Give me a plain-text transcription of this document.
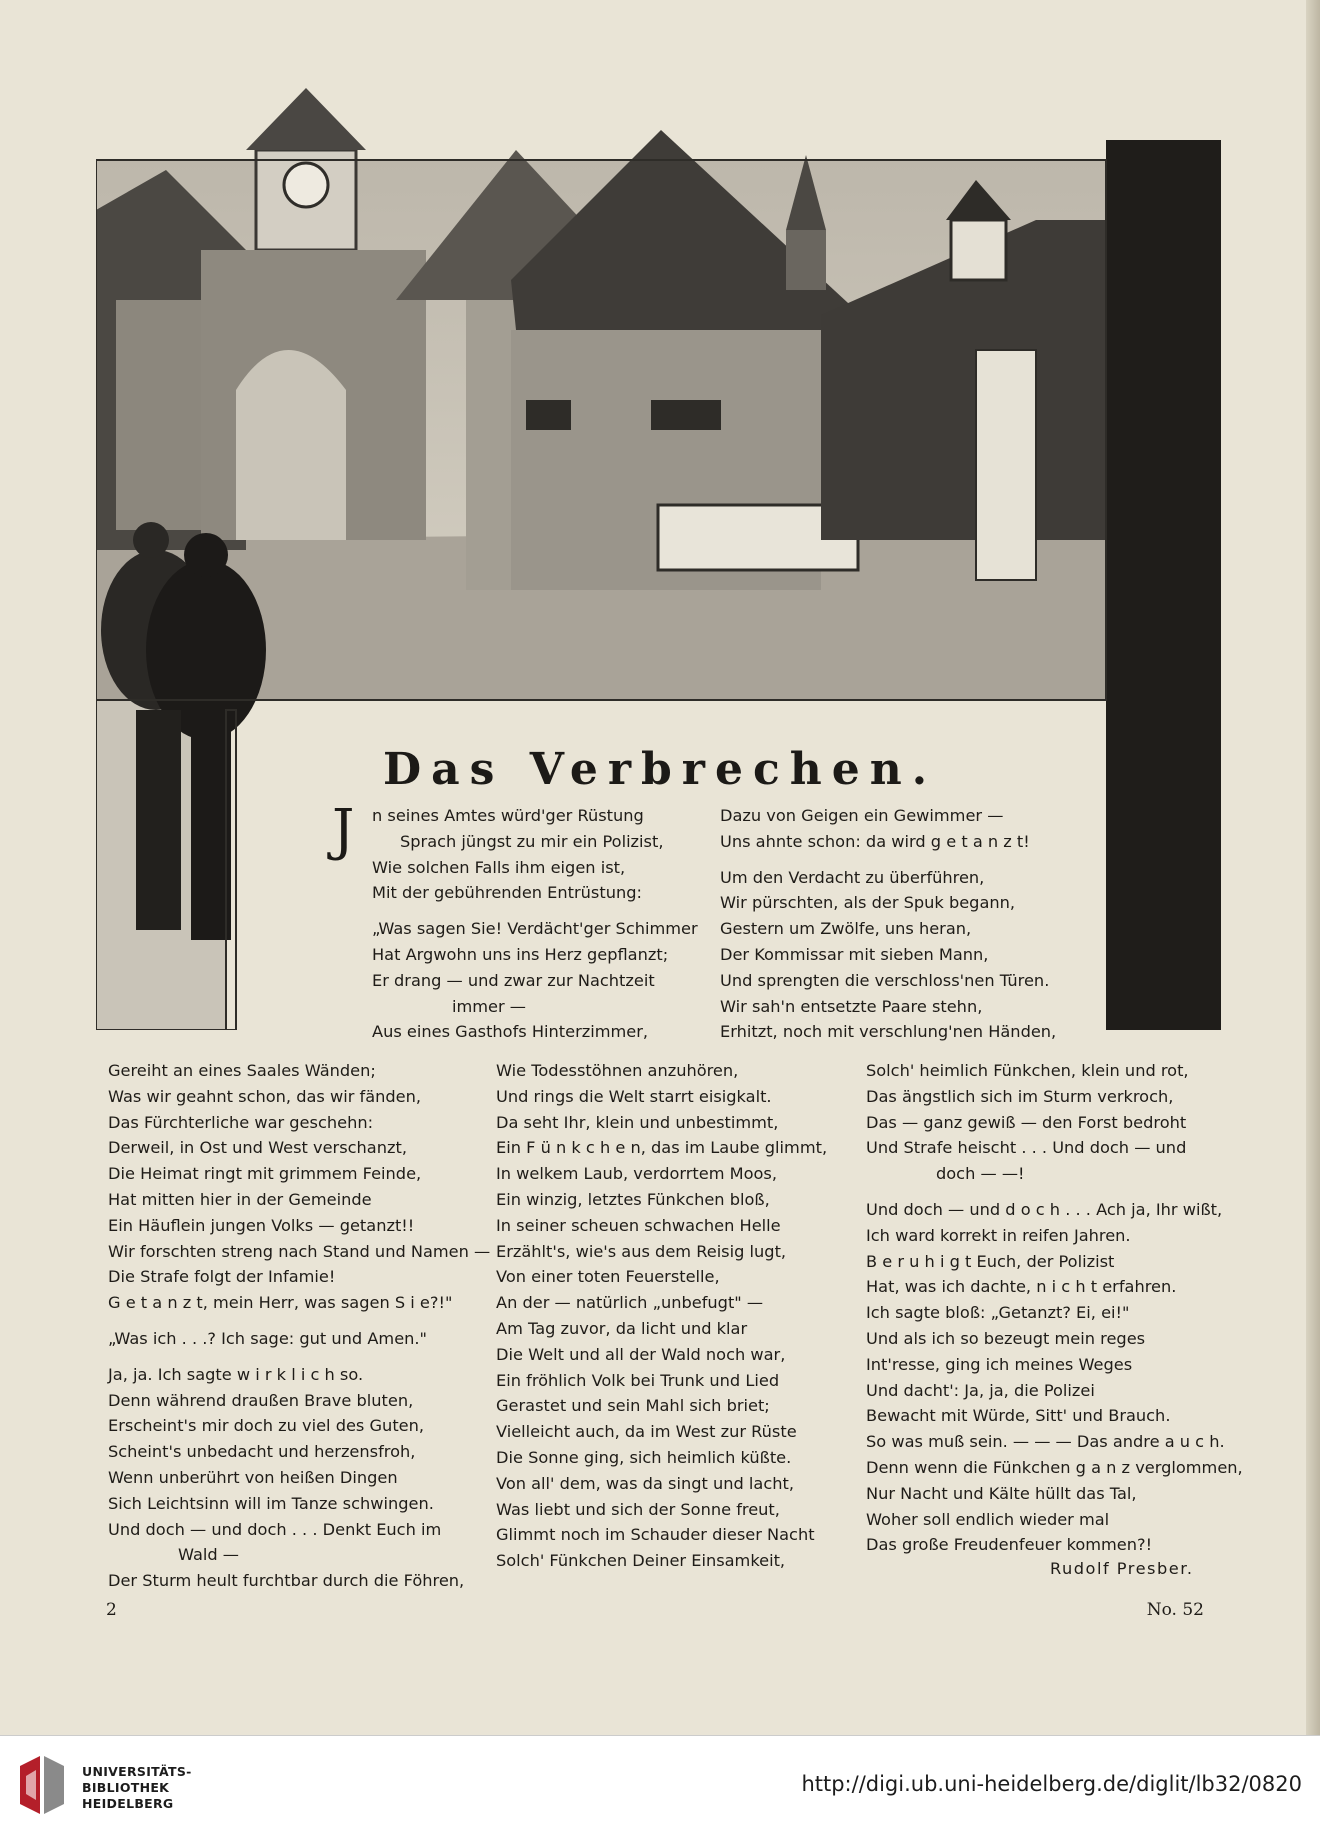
Das Verbrechen.
J n seines Amtes würd'ger Rüstung
Sprach jüngst zu mir ein Polizist,
Wie solchen Falls ihm eigen ist,
Mit der gebührenden Entrüstung:

„Was sagen Sie! Verdächt'ger Schimmer
Hat Argwohn uns ins Herz gepflanzt;
Er drang — und zwar zur Nachtzeit
immer —
Aus eines Gasthofs Hinterzimmer,
Dazu von Geigen ein Gewimmer —
Uns ahnte schon: da wird g e t a n z t!

Um den Verdacht zu überführen,
Wir pürschten, als der Spuk begann,
Gestern um Zwölfe, uns heran,
Der Kommissar mit sieben Mann,
Und sprengten die verschloss'nen Türen.
Wir sah'n entsetzte Paare stehn,
Erhitzt, noch mit verschlung'nen Händen,
Gereiht an eines Saales Wänden;
Was wir geahnt schon, das wir fänden,
Das Fürchterliche war geschehn:
Derweil, in Ost und West verschanzt,
Die Heimat ringt mit grimmem Feinde,
Hat mitten hier in der Gemeinde
Ein Häuflein jungen Volks — getanzt!!
Wir forschten streng nach Stand und Namen —
Die Strafe folgt der Infamie!
G e t a n z t, mein Herr, was sagen S i e?!"

„Was ich . . .? Ich sage: gut und Amen."

Ja, ja. Ich sagte w i r k l i c h so.
Denn während draußen Brave bluten,
Erscheint's mir doch zu viel des Guten,
Scheint's unbedacht und herzensfroh,
Wenn unberührt von heißen Dingen
Sich Leichtsinn will im Tanze schwingen.
Und doch — und doch . . . Denkt Euch im
Wald —
Der Sturm heult furchtbar durch die Föhren,
Wie Todesstöhnen anzuhören,
Und rings die Welt starrt eisigkalt.
Da seht Ihr, klein und unbestimmt,
Ein F ü n k c h e n, das im Laube glimmt,
In welkem Laub, verdorrtem Moos,
Ein winzig, letztes Fünkchen bloß,
In seiner scheuen schwachen Helle
Erzählt's, wie's aus dem Reisig lugt,
Von einer toten Feuerstelle,
An der — natürlich „unbefugt" —
Am Tag zuvor, da licht und klar
Die Welt und all der Wald noch war,
Ein fröhlich Volk bei Trunk und Lied
Gerastet und sein Mahl sich briet;
Vielleicht auch, da im West zur Rüste
Die Sonne ging, sich heimlich küßte.
Von all' dem, was da singt und lacht,
Was liebt und sich der Sonne freut,
Glimmt noch im Schauder dieser Nacht
Solch' Fünkchen Deiner Einsamkeit,
Solch' heimlich Fünkchen, klein und rot,
Das ängstlich sich im Sturm verkroch,
Das — ganz gewiß — den Forst bedroht
Und Strafe heischt . . . Und doch — und
doch — —!

Und doch — und d o c h . . . Ach ja, Ihr wißt,
Ich ward korrekt in reifen Jahren.
B e r u h i g t Euch, der Polizist
Hat, was ich dachte, n i c h t erfahren.
Ich sagte bloß: „Getanzt? Ei, ei!"
Und als ich so bezeugt mein reges
Int'resse, ging ich meines Weges
Und dacht': Ja, ja, die Polizei
Bewacht mit Würde, Sitt' und Brauch.
So was muß sein. — — — Das andre a u c h.
Denn wenn die Fünkchen g a n z verglommen,
Nur Nacht und Kälte hüllt das Tal,
Woher soll endlich wieder mal
Das große Freudenfeuer kommen?!
Rudolf Presber.
2	No. 52
UNIVERSITÄTS-
BIBLIOTHEK
HEIDELBERG
http://digi.ub.uni-heidelberg.de/diglit/lb32/0820
